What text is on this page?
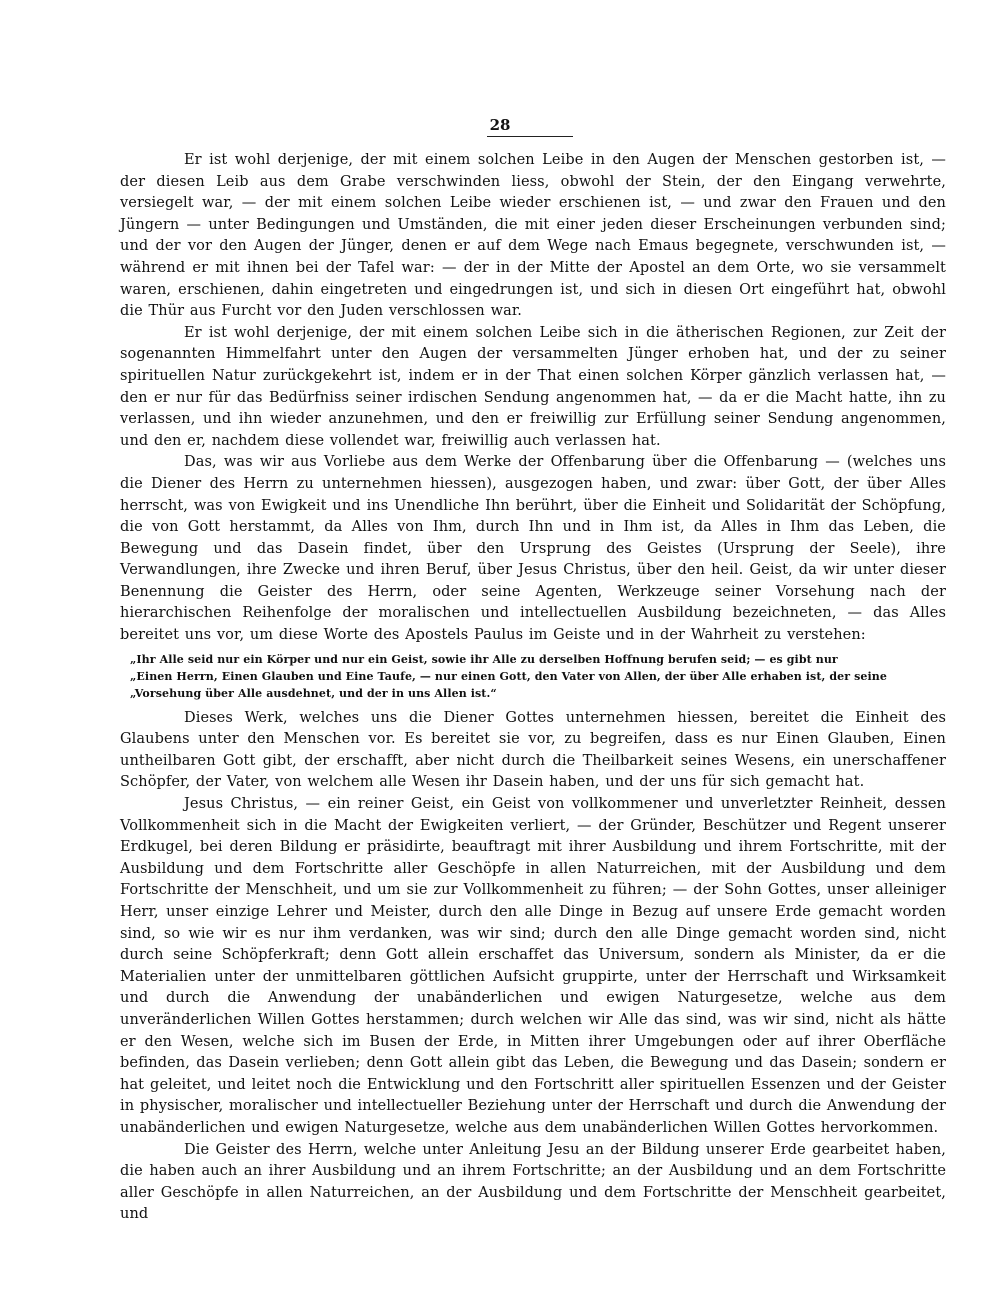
28

Er ist wohl derjenige, der mit einem solchen Leibe in den Augen der Menschen gestorben ist, — der diesen Leib aus dem Grabe verschwinden liess, obwohl der Stein, der den Eingang verwehrte, versiegelt war, — der mit einem solchen Leibe wieder erschienen ist, — und zwar den Frauen und den Jüngern — unter Bedingungen und Umständen, die mit einer jeden dieser Erscheinungen verbunden sind; und der vor den Augen der Jünger, denen er auf dem Wege nach Emaus begegnete, verschwunden ist, — während er mit ihnen bei der Tafel war: — der in der Mitte der Apostel an dem Orte, wo sie versammelt waren, erschienen, dahin eingetreten und eingedrungen ist, und sich in diesen Ort eingeführt hat, obwohl die Thür aus Furcht vor den Juden verschlossen war.

Er ist wohl derjenige, der mit einem solchen Leibe sich in die ätherischen Regionen, zur Zeit der sogenannten Himmelfahrt unter den Augen der versammelten Jünger erhoben hat, und der zu seiner spirituellen Natur zurückgekehrt ist, indem er in der That einen solchen Körper gänzlich verlassen hat, — den er nur für das Bedürfniss seiner irdischen Sendung angenommen hat, — da er die Macht hatte, ihn zu verlassen, und ihn wieder anzunehmen, und den er freiwillig zur Erfüllung seiner Sendung angenommen, und den er, nachdem diese vollendet war, freiwillig auch verlassen hat.

Das, was wir aus Vorliebe aus dem Werke der Offenbarung über die Offenbarung — (welches uns die Diener des Herrn zu unternehmen hiessen), ausgezogen haben, und zwar: über Gott, der über Alles herrscht, was von Ewigkeit und ins Unendliche Ihn berührt, über die Einheit und Solidarität der Schöpfung, die von Gott herstammt, da Alles von Ihm, durch Ihn und in Ihm ist, da Alles in Ihm das Leben, die Bewegung und das Dasein findet, über den Ursprung des Geistes (Ursprung der Seele), ihre Verwandlungen, ihre Zwecke und ihren Beruf, über Jesus Christus, über den heil. Geist, da wir unter dieser Benennung die Geister des Herrn, oder seine Agenten, Werkzeuge seiner Vorsehung nach der hierarchischen Reihenfolge der moralischen und intellectuellen Ausbildung bezeichneten, — das Alles bereitet uns vor, um diese Worte des Apostels Paulus im Geiste und in der Wahrheit zu verstehen:

„Ihr Alle seid nur ein Körper und nur ein Geist, sowie ihr Alle zu derselben Hoffnung berufen seid; — es gibt nur
„Einen Herrn, Einen Glauben und Eine Taufe, — nur einen Gott, den Vater von Allen, der über Alle erhaben ist, der seine
„Vorsehung über Alle ausdehnet, und der in uns Allen ist.“

Dieses Werk, welches uns die Diener Gottes unternehmen hiessen, bereitet die Einheit des Glaubens unter den Menschen vor. Es bereitet sie vor, zu begreifen, dass es nur Einen Glauben, Einen untheilbaren Gott gibt, der erschafft, aber nicht durch die Theilbarkeit seines Wesens, ein unerschaffener Schöpfer, der Vater, von welchem alle Wesen ihr Dasein haben, und der uns für sich gemacht hat.

Jesus Christus, — ein reiner Geist, ein Geist von vollkommener und unverletzter Reinheit, dessen Vollkommenheit sich in die Macht der Ewigkeiten verliert, — der Gründer, Beschützer und Regent unserer Erdkugel, bei deren Bildung er präsidirte, beauftragt mit ihrer Ausbildung und ihrem Fortschritte, mit der Ausbildung und dem Fortschritte aller Geschöpfe in allen Naturreichen, mit der Ausbildung und dem Fortschritte der Menschheit, und um sie zur Vollkommenheit zu führen; — der Sohn Gottes, unser alleiniger Herr, unser einzige Lehrer und Meister, durch den alle Dinge in Bezug auf unsere Erde gemacht worden sind, so wie wir es nur ihm verdanken, was wir sind; durch den alle Dinge gemacht worden sind, nicht durch seine Schöpferkraft; denn Gott allein erschaffet das Universum, sondern als Minister, da er die Materialien unter der unmittelbaren göttlichen Aufsicht gruppirte, unter der Herrschaft und Wirksamkeit und durch die Anwendung der unabänderlichen und ewigen Naturgesetze, welche aus dem unveränderlichen Willen Gottes herstammen; durch welchen wir Alle das sind, was wir sind, nicht als hätte er den Wesen, welche sich im Busen der Erde, in Mitten ihrer Umgebungen oder auf ihrer Oberfläche befinden, das Dasein verlieben; denn Gott allein gibt das Leben, die Bewegung und das Dasein; sondern er hat geleitet, und leitet noch die Entwicklung und den Fortschritt aller spirituellen Essenzen und der Geister in physischer, moralischer und intellectueller Beziehung unter der Herrschaft und durch die Anwendung der unabänderlichen und ewigen Naturgesetze, welche aus dem unabänderlichen Willen Gottes hervorkommen.

Die Geister des Herrn, welche unter Anleitung Jesu an der Bildung unserer Erde gearbeitet haben, die haben auch an ihrer Ausbildung und an ihrem Fortschritte; an der Ausbildung und an dem Fortschritte aller Geschöpfe in allen Naturreichen, an der Ausbildung und dem Fortschritte der Menschheit gearbeitet, und
